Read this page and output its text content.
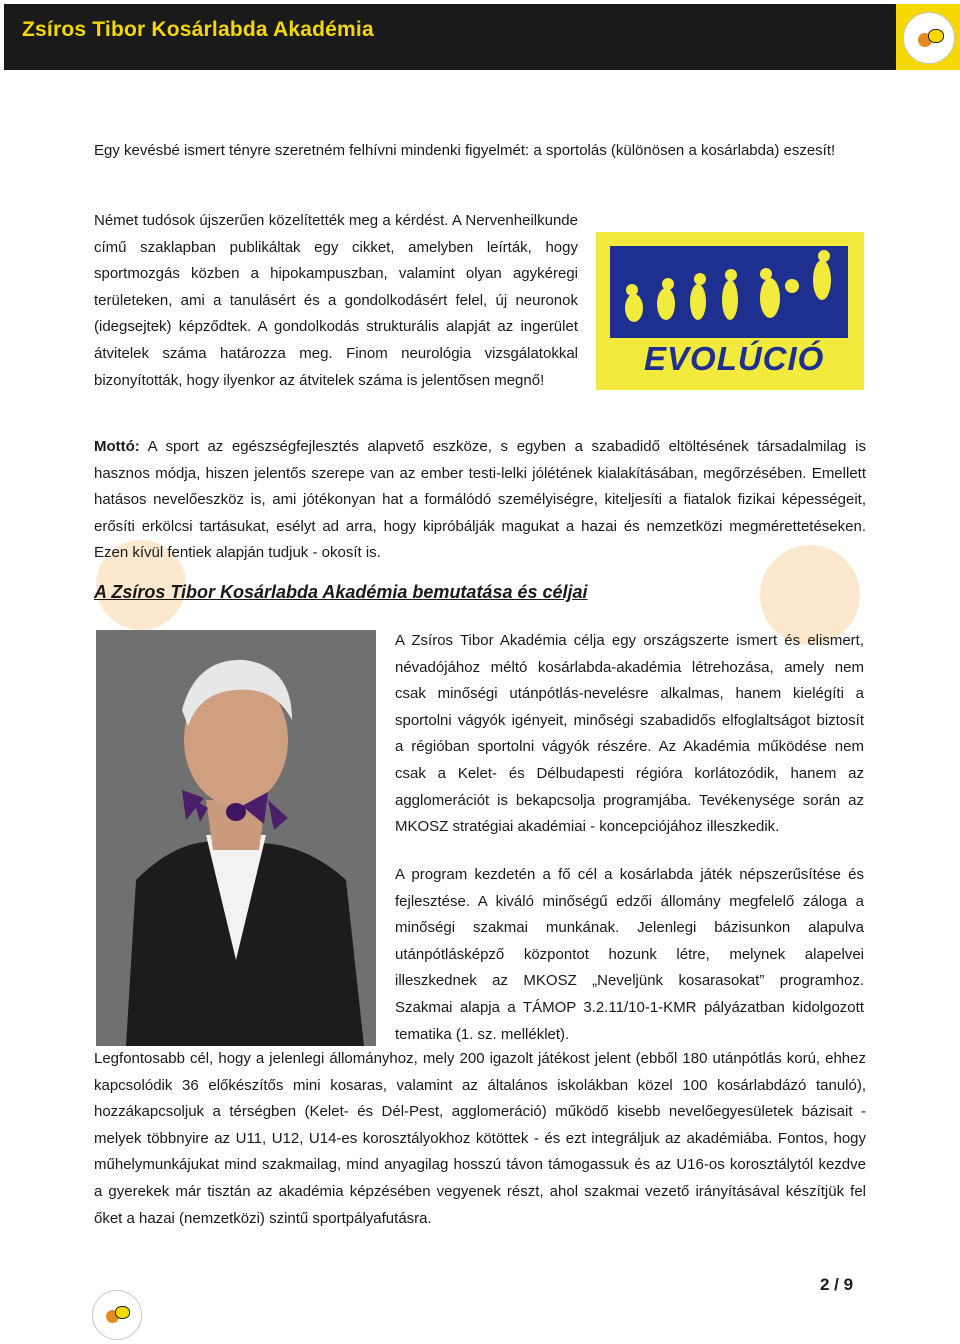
Zsíros Tibor Kosárlabda Akadémia

Egy kevésbé ismert tényre szeretném felhívni mindenki figyelmét: a sportolás (különösen a kosárlabda) eszesít!

Német tudósok újszerűen közelítették meg a kérdést. A Nervenheilkunde című szaklapban publikáltak egy cikket, amelyben leírták, hogy sportmozgás közben a hipokampuszban, valamint olyan agykéregi területeken, ami a tanulásért és a gondolkodásért felel, új neuronok (idegsejtek) képződtek. A gondolkodás strukturális alapját az ingerület átvitelek száma határozza meg. Finom neurológia vizsgálatokkal bizonyították, hogy ilyenkor az átvitelek száma is jelentősen megnő!

EVOLÚCIÓ

Mottó: A sport az egészségfejlesztés alapvető eszköze, s egyben a szabadidő eltöltésének társadalmilag is hasznos módja, hiszen jelentős szerepe van az ember testi-lelki jólétének kialakításában, megőrzésében. Emellett hatásos nevelőeszköz is, ami jótékonyan hat a formálódó személyiségre, kiteljesíti a fiatalok fizikai képességeit, erősíti erkölcsi tartásukat, esélyt ad arra, hogy kipróbálják magukat a hazai és nemzetközi megmérettetéseken. Ezen kívül fentiek alapján tudjuk - okosít is.

A Zsíros Tibor Kosárlabda Akadémia bemutatása és céljai

A Zsíros Tibor Akadémia célja egy országszerte ismert és elismert, névadójához méltó kosárlabda-akadémia létrehozása, amely nem csak minőségi utánpótlás-nevelésre alkalmas, hanem kielégíti a sportolni vágyók igényeit, minőségi szabadidős elfoglaltságot biztosít a régióban sportolni vágyók részére. Az Akadémia működése nem csak a Kelet- és Délbudapesti régióra korlátozódik, hanem az agglomerációt is bekapcsolja programjába. Tevékenysége során az MKOSZ stratégiai akadémiai - koncepciójához illeszkedik.

A program kezdetén a fő cél a kosárlabda játék népszerűsítése és fejlesztése. A kiváló minőségű edzői állomány megfelelő záloga a minőségi szakmai munkának. Jelenlegi bázisunkon alapulva utánpótlásképző központot hozunk létre, melynek alapelvei illeszkednek az MKOSZ „Neveljünk kosarasokat” programhoz. Szakmai alapja a TÁMOP 3.2.11/10-1-KMR pályázatban kidolgozott tematika (1. sz. melléklet).

Legfontosabb cél, hogy a jelenlegi állományhoz, mely 200 igazolt játékost jelent (ebből 180 utánpótlás korú, ehhez kapcsolódik 36 előkészítős mini kosaras, valamint az általános iskolákban közel 100 kosárlabdázó tanuló), hozzákapcsoljuk a térségben (Kelet- és Dél-Pest, agglomeráció) működő kisebb nevelőegyesületek bázisait - melyek többnyire az U11, U12, U14-es korosztályokhoz kötöttek - és ezt integráljuk az akadémiába. Fontos, hogy műhelymunkájukat mind szakmailag, mind anyagilag hosszú távon támogassuk és az U16-os korosztálytól kezdve a gyerekek már tisztán az akadémia képzésében vegyenek részt, ahol szakmai vezető irányításával készítjük fel őket a hazai (nemzetközi) szintű sportpályafutásra.

2 / 9
